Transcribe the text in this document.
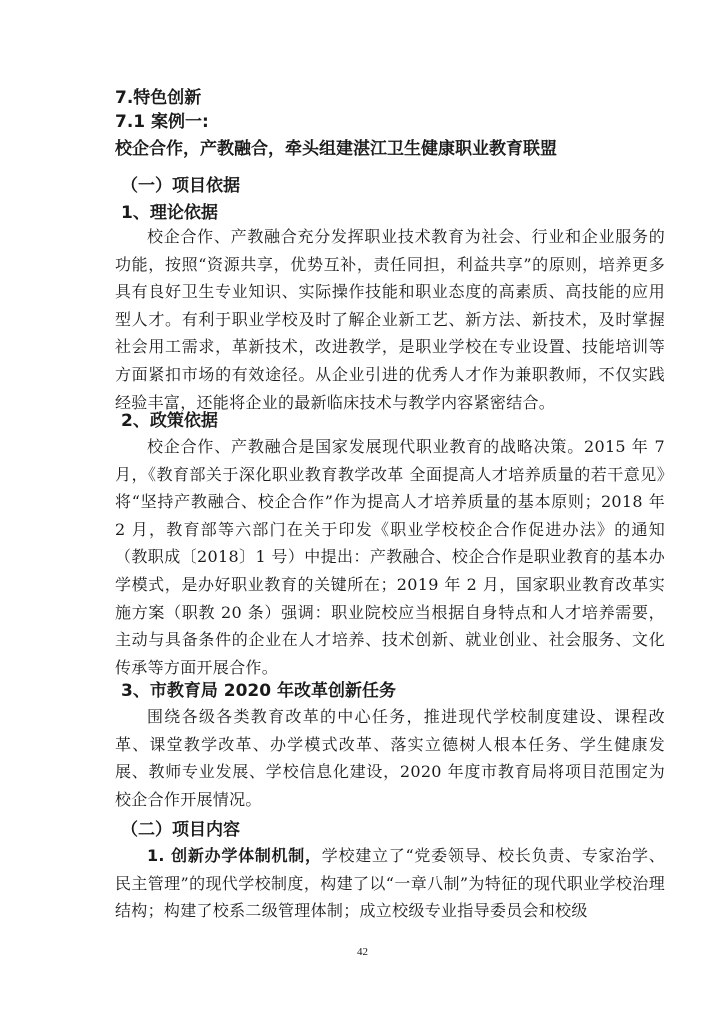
7.特色创新
7.1 案例一:
校企合作，产教融合，牵头组建湛江卫生健康职业教育联盟
（一）项目依据
1、理论依据
校企合作、产教融合充分发挥职业技术教育为社会、行业和企业服务的功能，按照“资源共享，优势互补，责任同担，利益共享”的原则，培养更多具有良好卫生专业知识、实际操作技能和职业态度的高素质、高技能的应用型人才。有利于职业学校及时了解企业新工艺、新方法、新技术，及时掌握社会用工需求，革新技术，改进教学，是职业学校在专业设置、技能培训等方面紧扣市场的有效途径。从企业引进的优秀人才作为兼职教师，不仅实践经验丰富，还能将企业的最新临床技术与教学内容紧密结合。
2、政策依据
校企合作、产教融合是国家发展现代职业教育的战略决策。2015 年 7 月，《教育部关于深化职业教育教学改革 全面提高人才培养质量的若干意见》将“坚持产教融合、校企合作”作为提高人才培养质量的基本原则；2018 年 2 月，教育部等六部门在关于印发《职业学校校企合作促进办法》的通知（教职成〔2018〕1 号）中提出：产教融合、校企合作是职业教育的基本办学模式，是办好职业教育的关键所在；2019 年 2 月，国家职业教育改革实施方案（职教 20 条）强调：职业院校应当根据自身特点和人才培养需要，主动与具备条件的企业在人才培养、技术创新、就业创业、社会服务、文化传承等方面开展合作。
3、市教育局 2020 年改革创新任务
围绕各级各类教育改革的中心任务，推进现代学校制度建设、课程改革、课堂教学改革、办学模式改革、落实立德树人根本任务、学生健康发展、教师专业发展、学校信息化建设，2020 年度市教育局将项目范围定为校企合作开展情况。
（二）项目内容
1. 创新办学体制机制，学校建立了“党委领导、校长负责、专家治学、民主管理”的现代学校制度，构建了以“一章八制”为特征的现代职业学校治理结构；构建了校系二级管理体制；成立校级专业指导委员会和校级
42
